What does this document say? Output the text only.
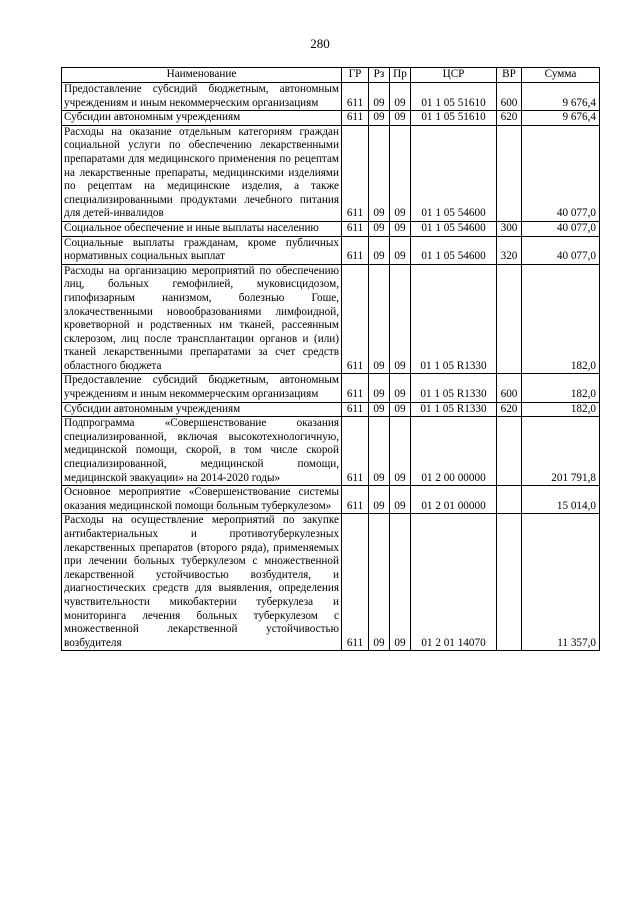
280
Наименование	ГР	Рз	Пр	ЦСР	ВР	Сумма
Предоставление субсидий бюджетным, автономным учреждениям и иным некоммерческим организациям	611	09	09	01 1 05 51610	600	9 676,4
Субсидии автономным учреждениям	611	09	09	01 1 05 51610	620	9 676,4
Расходы на оказание отдельным категориям граждан социальной услуги по обеспечению лекарственными препаратами для медицинского применения по рецептам на лекарственные препараты, медицинскими изделиями по рецептам на медицинские изделия, а также специализированными продуктами лечебного питания для детей-инвалидов	611	09	09	01 1 05 54600		40 077,0
Социальное обеспечение и иные выплаты населению	611	09	09	01 1 05 54600	300	40 077,0
Социальные выплаты гражданам, кроме публичных нормативных социальных выплат	611	09	09	01 1 05 54600	320	40 077,0
Расходы на организацию мероприятий по обеспечению лиц, больных гемофилией, муковисцидозом, гипофизарным нанизмом, болезнью Гоше, злокачественными новообразованиями лимфоидной, кроветворной и родственных им тканей, рассеянным склерозом, лиц после трансплантации органов и (или) тканей лекарственными препаратами за счет средств областного бюджета	611	09	09	01 1 05 R1330		182,0
Предоставление субсидий бюджетным, автономным учреждениям и иным некоммерческим организациям	611	09	09	01 1 05 R1330	600	182,0
Субсидии автономным учреждениям	611	09	09	01 1 05 R1330	620	182,0
Подпрограмма «Совершенствование оказания специализированной, включая высокотехнологичную, медицинской помощи, скорой, в том числе скорой специализированной, медицинской помощи, медицинской эвакуации» на 2014-2020 годы»	611	09	09	01 2 00 00000		201 791,8
Основное мероприятие «Совершенствование системы оказания медицинской помощи больным туберкулезом»	611	09	09	01 2 01 00000		15 014,0
Расходы на осуществление мероприятий по закупке антибактериальных и противотуберкулезных лекарственных препаратов (второго ряда), применяемых при лечении больных туберкулезом с множественной лекарственной устойчивостью возбудителя, и диагностических средств для выявления, определения чувствительности микобактерии туберкулеза и мониторинга лечения больных туберкулезом с множественной лекарственной устойчивостью возбудителя	611	09	09	01 2 01 14070		11 357,0
